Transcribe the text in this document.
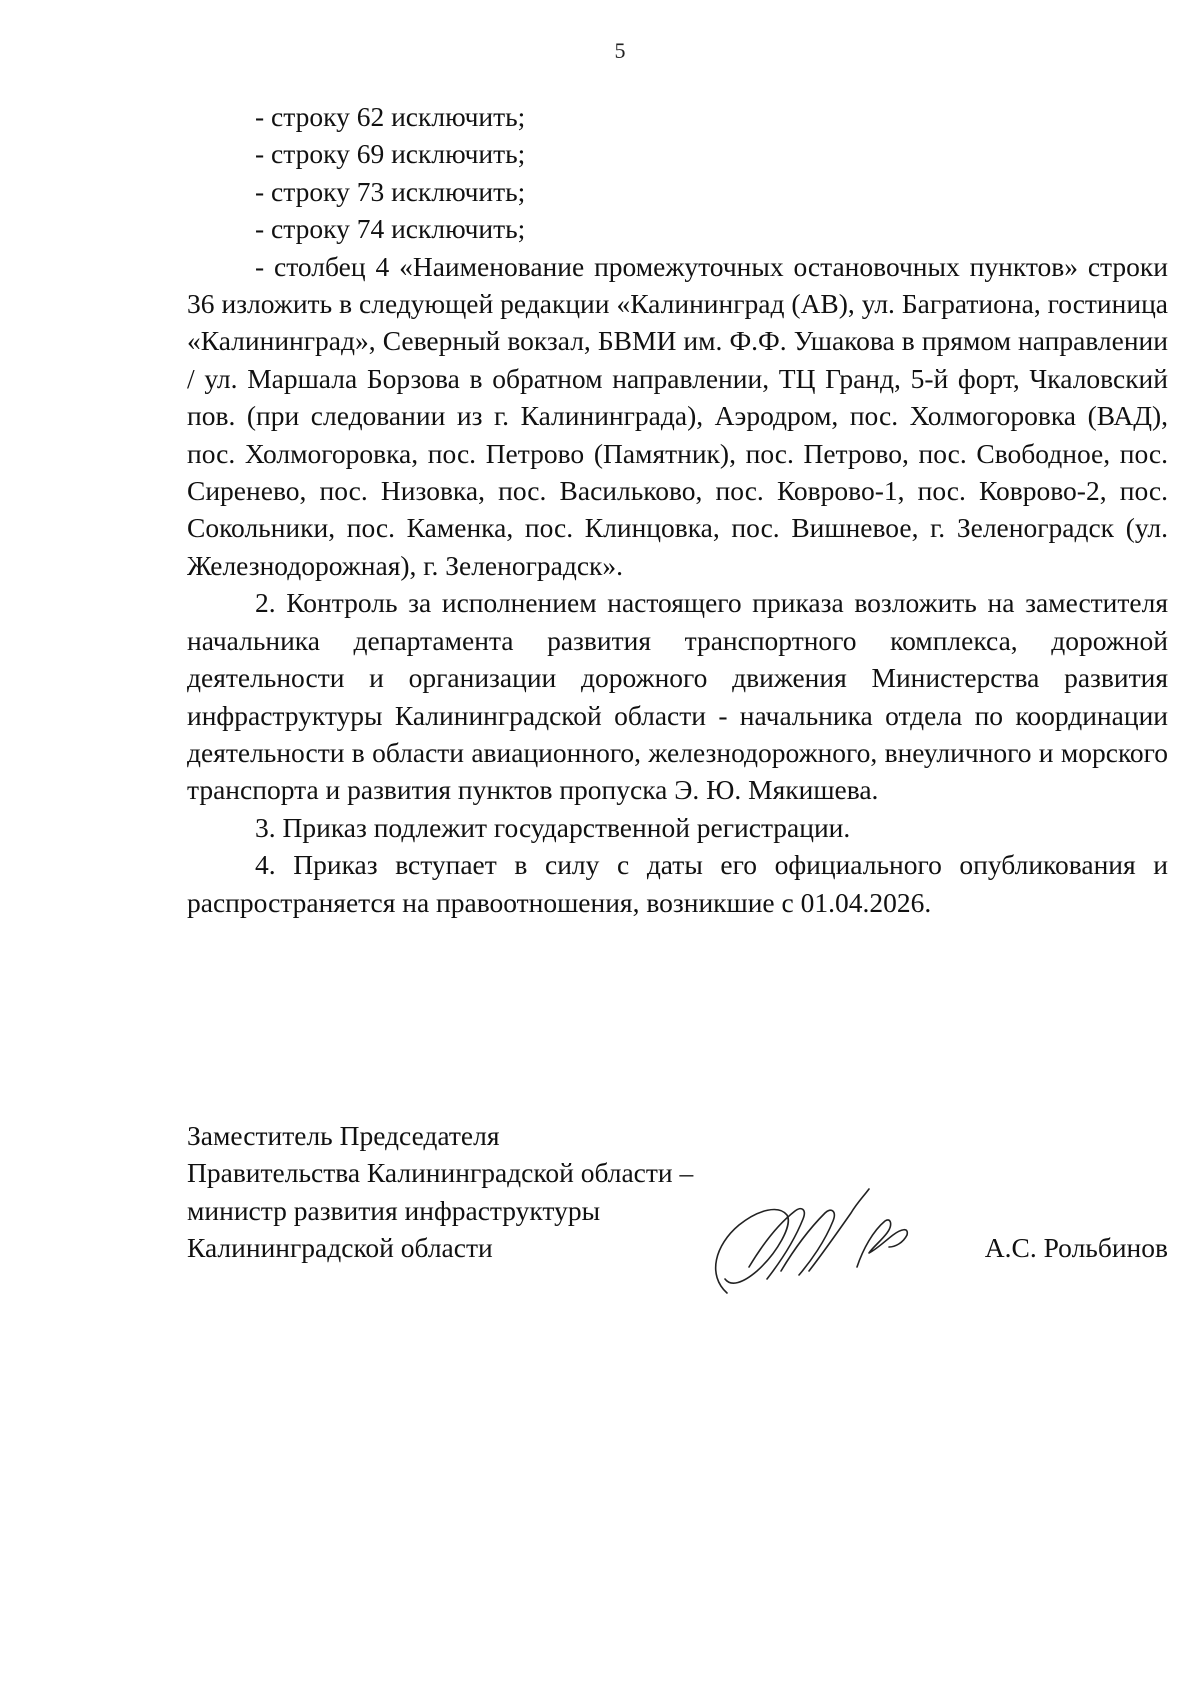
5

- строку 62 исключить;

- строку 69 исключить;

- строку 73 исключить;

- строку 74 исключить;

- столбец 4 «Наименование промежуточных остановочных пунктов» строки 36 изложить в следующей редакции «Калининград (АВ), ул. Багратиона, гостиница «Калининград», Северный вокзал, БВМИ им. Ф.Ф. Ушакова в прямом направлении / ул. Маршала Борзова в обратном направлении, ТЦ Гранд, 5-й форт, Чкаловский пов. (при следовании из г. Калининграда), Аэродром, пос. Холмогоровка (ВАД), пос. Холмогоровка, пос. Петрово (Памятник), пос. Петрово, пос. Свободное, пос. Сиренево, пос. Низовка, пос. Васильково, пос. Коврово-1, пос. Коврово-2, пос. Сокольники, пос. Каменка, пос. Клинцовка, пос. Вишневое, г. Зеленоградск (ул. Железнодорожная), г. Зеленоградск».

2. Контроль за исполнением настоящего приказа возложить на заместителя начальника департамента развития транспортного комплекса, дорожной деятельности и организации дорожного движения Министерства развития инфраструктуры Калининградской области - начальника отдела по координации деятельности в области авиационного, железнодорожного, внеуличного и морского транспорта и развития пунктов пропуска Э. Ю. Мякишева.

3. Приказ подлежит государственной регистрации.

4. Приказ вступает в силу с даты его официального опубликования и распространяется на правоотношения, возникшие с 01.04.2026.

Заместитель Председателя

Правительства Калининградской области –

министр развития инфраструктуры

Калининградской области	А.С. Рольбинов
